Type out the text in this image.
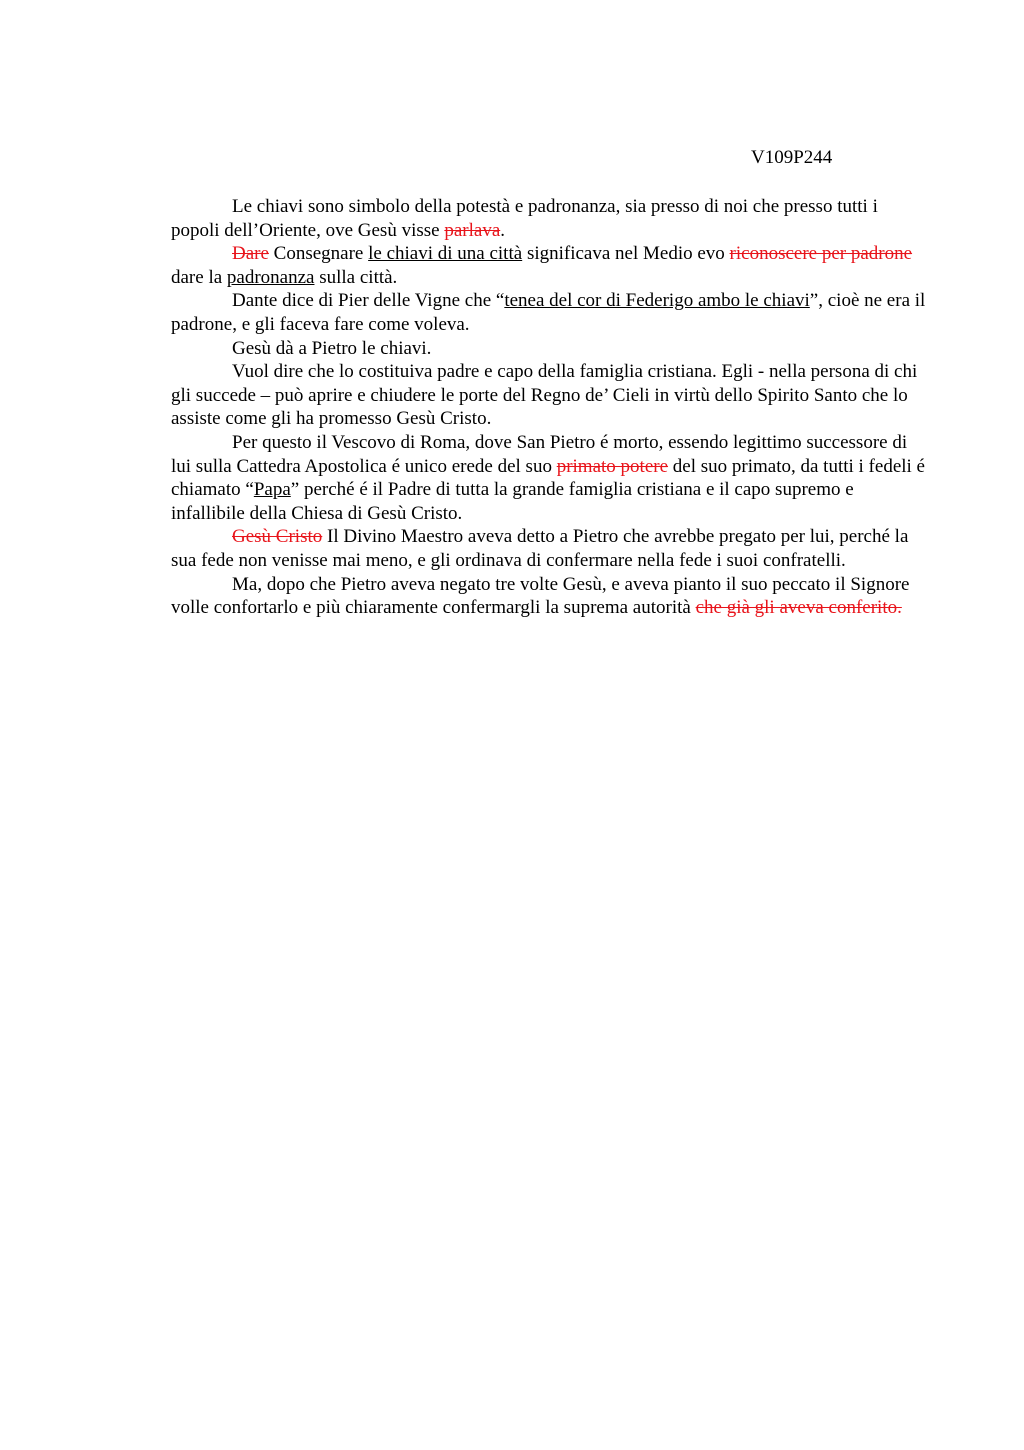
V109P244

Le chiavi sono simbolo della potestà e padronanza, sia presso di noi che presso tutti i popoli dell’Oriente, ove Gesù visse parlava.

Dare Consegnare le chiavi di una città significava nel Medio evo riconoscere per padrone dare la padronanza sulla città.

Dante dice di Pier delle Vigne che “tenea del cor di Federigo ambo le chiavi”, cioè ne era il padrone, e gli faceva fare come voleva.

Gesù dà a Pietro le chiavi.

Vuol dire che lo costituiva padre e capo della famiglia cristiana. Egli - nella persona di chi gli succede – può aprire e chiudere le porte del Regno de’ Cieli in virtù dello Spirito Santo che lo assiste come gli ha promesso Gesù Cristo.

Per questo il Vescovo di Roma, dove San Pietro é morto, essendo legittimo successore di lui sulla Cattedra Apostolica é unico erede del suo primato potere del suo primato, da tutti i fedeli é chiamato “Papa” perché é il Padre di tutta la grande famiglia cristiana e il capo supremo e infallibile della Chiesa di Gesù Cristo.

Gesù Cristo Il Divino Maestro aveva detto a Pietro che avrebbe pregato per lui, perché la sua fede non venisse mai meno, e gli ordinava di confermare nella fede i suoi confratelli.

Ma, dopo che Pietro aveva negato tre volte Gesù, e aveva pianto il suo peccato il Signore volle confortarlo e più chiaramente confermargli la suprema autorità che già gli aveva conferito.
